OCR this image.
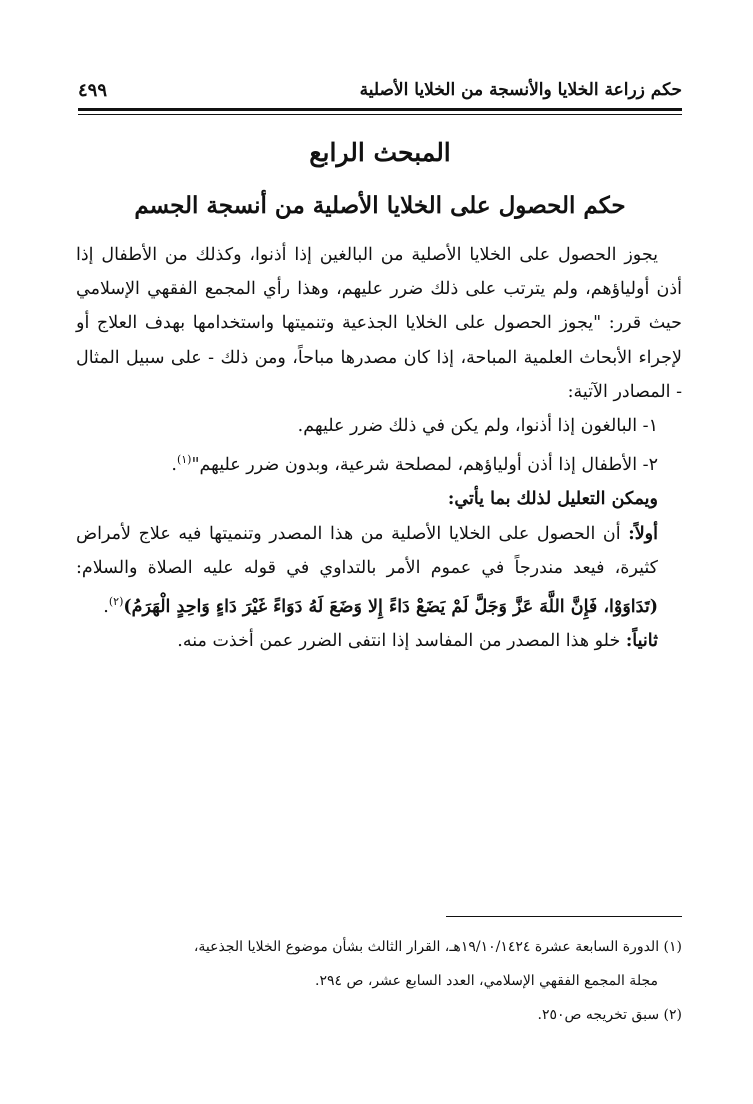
حكم زراعة الخلايا والأنسجة من الخلايا الأصلية
٤٩٩
المبحث الرابع
حكم الحصول على الخلايا الأصلية من أنسجة الجسم

يجوز الحصول على الخلايا الأصلية من البالغين إذا أذنوا، وكذلك من الأطفال إذا أذن أولياؤهم، ولم يترتب على ذلك ضرر عليهم، وهذا رأي المجمع الفقهي الإسلامي حيث قرر: "يجوز الحصول على الخلايا الجذعية وتنميتها واستخدامها بهدف العلاج أو لإجراء الأبحاث العلمية المباحة، إذا كان مصدرها مباحاً، ومن ذلك - على سبيل المثال - المصادر الآتية:

١- البالغون إذا أذنوا، ولم يكن في ذلك ضرر عليهم.

٢- الأطفال إذا أذن أولياؤهم، لمصلحة شرعية، وبدون ضرر عليهم"$^{(١)}$.

ويمكن التعليل لذلك بما يأتي:

أولاً: أن الحصول على الخلايا الأصلية من هذا المصدر وتنميتها فيه علاج لأمراض كثيرة، فيعد مندرجاً في عموم الأمر بالتداوي في قوله عليه الصلاة والسلام: (تَدَاوَوْا، فَإِنَّ اللَّهَ عَزَّ وَجَلَّ لَمْ يَضَعْ دَاءً إِلا وَضَعَ لَهُ دَوَاءً غَيْرَ دَاءٍ وَاحِدٍ الْهَرَمُ)$^{(٢)}$.

ثانياً: خلو هذا المصدر من المفاسد إذا انتفى الضرر عمن أخذت منه.

(١) الدورة السابعة عشرة ١٩/١٠/١٤٢٤هـ، القرار الثالث بشأن موضوع الخلايا الجذعية،

مجلة المجمع الفقهي الإسلامي، العدد السابع عشر، ص ٢٩٤.

(٢) سبق تخريجه ص٢٥٠.
